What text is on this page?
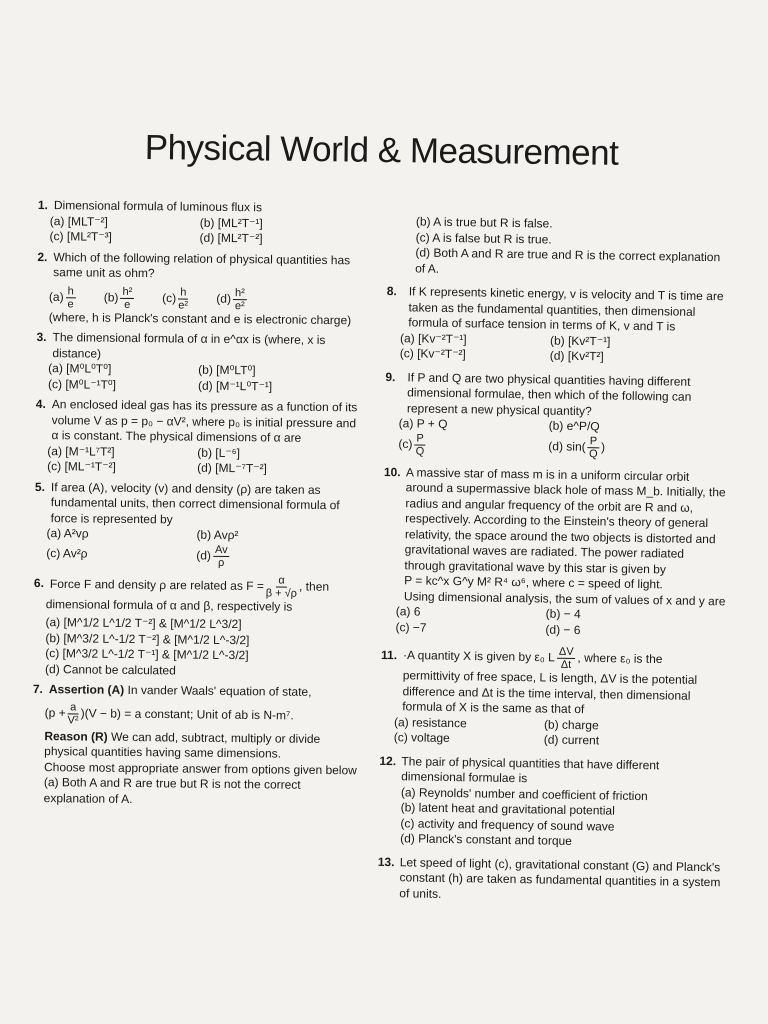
Physical World & Measurement
1. Dimensional formula of luminous flux is
(a) [MLT⁻²]	(b) [ML²T⁻¹]
(c) [ML²T⁻³]	(d) [ML²T⁻²]
2. Which of the following relation of physical quantities has same unit as ohm?
$(a) \frac{h}{e} (b) \frac{\text{h²}}{e} (c) \frac{h}{\text{e²}} (d) \frac{\text{h²}}{\text{e²}}$
(where, h is Planck's constant and e is electronic charge)
3. The dimensional formula of α in e^αx is (where, x is distance)
(a) [M⁰L⁰T⁰]	(b) [M⁰LT⁰]
(c) [M⁰L⁻¹T⁰]	(d) [M⁻¹L⁰T⁻¹]
4. An enclosed ideal gas has its pressure as a function of its volume V as p = p₀ − αV², where p₀ is initial pressure and α is constant. The physical dimensions of α are
(a) [M⁻¹L⁷T²]	(b) [L⁻⁶]
(c) [ML⁻¹T⁻²]	(d) [ML⁻⁷T⁻²]
5. If area (A), velocity (v) and density (ρ) are taken as fundamental units, then correct dimensional formula of force is represented by
(a) A²vρ	(b) Avρ²
(c) Av²ρ	$(d) \frac{Av}{\rho}$
6. Force F and density ρ are related as $F = \frac{\alpha}{\beta + √\rho}$ , then
dimensional formula of α and β, respectively is
(a) [M^1/2 L^1/2 T⁻²] & [M^1/2 L^3/2]
(b) [M^3/2 L^-1/2 T⁻²] & [M^1/2 L^-3/2]
(c) [M^3/2 L^-1/2 T⁻¹] & [M^1/2 L^-3/2]
(d) Cannot be calculated
7. Assertion (A) In vander Waals' equation of state,
$(p + \frac{a}{\text{V²}} )(V - b) = a$ constant; Unit of ab is N-m⁷.
Reason (R) We can add, subtract, multiply or divide physical quantities having same dimensions.
Choose most appropriate answer from options given below
(a) Both A and R are true but R is not the correct explanation of A.
(b) A is true but R is false.
(c) A is false but R is true.
(d) Both A and R are true and R is the correct explanation of A.
8. If K represents kinetic energy, v is velocity and T is time are taken as the fundamental quantities, then dimensional formula of surface tension in terms of K, v and T is
(a) [Kv⁻²T⁻¹]	(b) [Kv²T⁻¹]
(c) [Kv⁻²T⁻²]	(d) [Kv²T²]
9. If P and Q are two physical quantities having different dimensional formulae, then which of the following can represent a new physical quantity?
(a) P + Q	(b) e^P/Q
$(c) \frac{P}{Q}$	(d) $\sin( \frac{P}{Q}$ )
10. A massive star of mass m is in a uniform circular orbit around a supermassive black hole of mass M_b. Initially, the radius and angular frequency of the orbit are R and ω, respectively. According to the Einstein's theory of general relativity, the space around the two objects is distorted and gravitational waves are radiated. The power radiated through gravitational wave by this star is given by
P = kc^x G^y M² R⁴ ω⁶, where c = speed of light.
Using dimensional analysis, the sum of values of x and y are
(a) 6	(b) − 4
(c) −7	(d) − 6
11. ·A quantity X is given by ε₀ L $\frac{\Delta V}{\Delta t}$ , where ε₀ is the
permittivity of free space, L is length, ΔV is the potential difference and Δt is the time interval, then dimensional formula of X is the same as that of
(a) resistance	(b) charge
(c) voltage	(d) current
12. The pair of physical quantities that have different dimensional formulae is
(a) Reynolds' number and coefficient of friction
(b) latent heat and gravitational potential
(c) activity and frequency of sound wave
(d) Planck's constant and torque
13. Let speed of light (c), gravitational constant (G) and Planck's constant (h) are taken as fundamental quantities in a system of units.
